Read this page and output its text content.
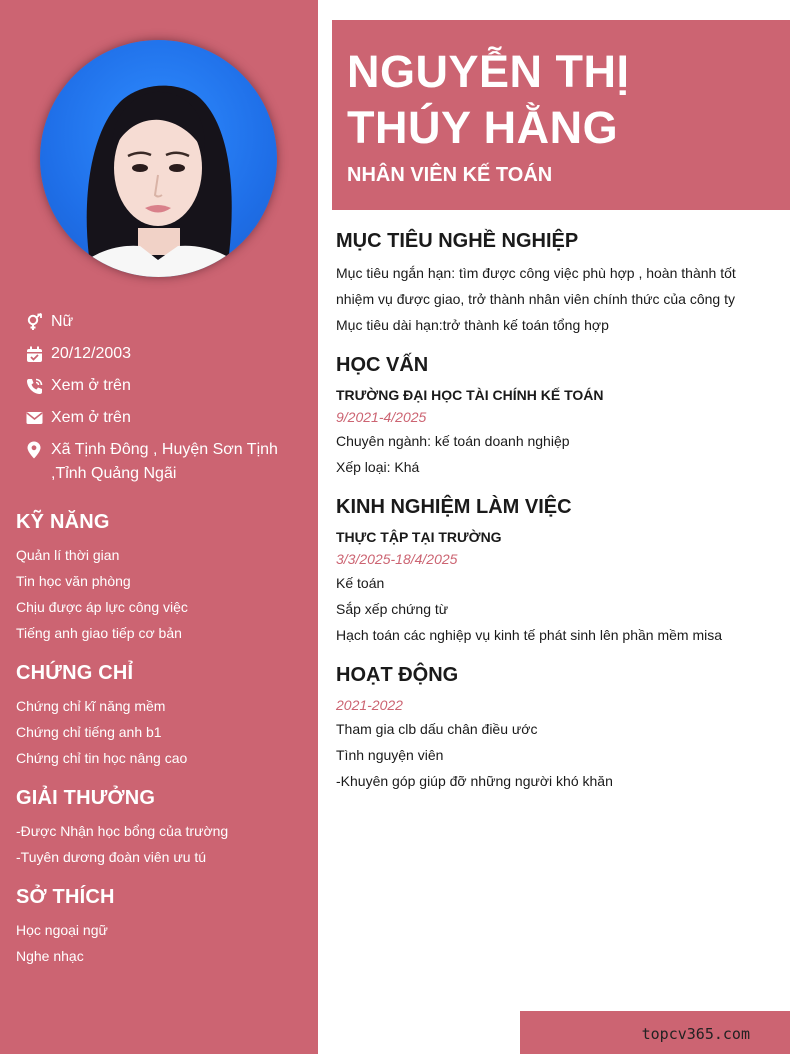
Nữ
20/12/2003
Xem ở trên
Xem ở trên
Xã Tịnh Đông , Huyện Sơn Tịnh ,Tỉnh Quảng Ngãi
KỸ NĂNG
Quản lí thời gian
Tin học văn phòng
Chịu được áp lực công việc
Tiếng anh giao tiếp cơ bản
CHỨNG CHỈ
Chứng chỉ kĩ năng mềm
Chứng chỉ tiếng anh b1
Chứng chỉ tin học nâng cao
GIẢI THƯỞNG
-Được Nhận học bổng của trường
-Tuyên dương đoàn viên ưu tú
SỞ THÍCH
Học ngoại ngữ
Nghe nhạc
NGUYỄN THỊ
THÚY HẰNG
NHÂN VIÊN KẾ TOÁN
MỤC TIÊU NGHỀ NGHIỆP

Mục tiêu ngắn hạn: tìm được công việc phù hợp , hoàn thành tốt nhiệm vụ được giao, trở thành nhân viên chính thức của công ty

Mục tiêu dài hạn:trở thành kế toán tổng hợp

HỌC VẤN
TRƯỜNG ĐẠI HỌC TÀI CHÍNH KẾ TOÁN
9/2021-4/2025

Chuyên ngành: kế toán doanh nghiệp

Xếp loại: Khá

KINH NGHIỆM LÀM VIỆC
THỰC TẬP TẠI TRƯỜNG
3/3/2025-18/4/2025

Kế toán

Sắp xếp chứng từ

Hạch toán các nghiệp vụ kinh tế phát sinh lên phần mềm misa

HOẠT ĐỘNG
2021-2022

Tham gia clb dấu chân điều ước

Tình nguyện viên

-Khuyên góp giúp đỡ những người khó khăn

topcv365.com
